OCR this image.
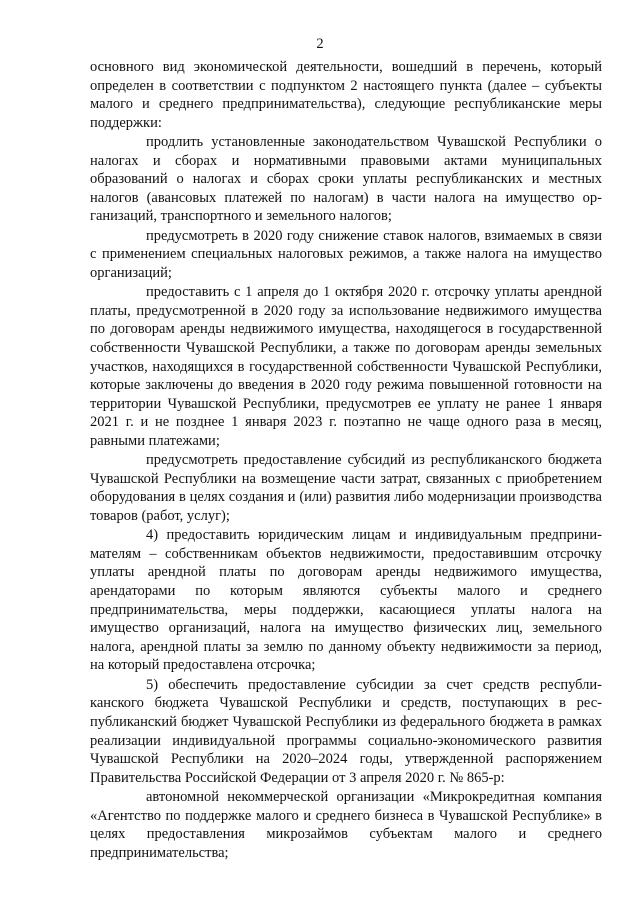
2

основного вид экономической деятельности, вошедший в перечень, который определен в соответствии с подпунктом 2 настоящего пункта (далее – субъекты малого и среднего предпринимательства), следующие республиканские меры поддержки:

продлить установленные законодательством Чувашской Республики о налогах и сборах и нормативными правовыми актами муниципальных образований о налогах и сборах сроки уплаты республиканских и местных налогов (авансовых платежей по налогам) в части налога на имущество организаций, транспортного и земельного налогов;

предусмотреть в 2020 году снижение ставок налогов, взимаемых в связи с применением специальных налоговых режимов, а также налога на имущество организаций;

предоставить с 1 апреля до 1 октября 2020 г. отсрочку уплаты арендной платы, предусмотренной в 2020 году за использование недвижимого имущества по договорам аренды недвижимого имущества, находящегося в государственной собственности Чувашской Республики, а также по договорам аренды земельных участков, находящихся в государственной собственности Чувашской Республики, которые заключены до введения в 2020 году режима повышенной готовности на территории Чувашской Республики, предусмотрев ее уплату не ранее 1 января 2021 г. и не позднее 1 января 2023 г. поэтапно не чаще одного раза в месяц, равными платежами;

предусмотреть предоставление субсидий из республиканского бюджета Чувашской Республики на возмещение части затрат, связанных с приобретением оборудования в целях создания и (или) развития либо модернизации производства товаров (работ, услуг);

4) предоставить юридическим лицам и индивидуальным предпринимателям – собственникам объектов недвижимости, предоставившим отсрочку уплаты арендной платы по договорам аренды недвижимого имущества, арендаторами по которым являются субъекты малого и среднего предпринимательства, меры поддержки, касающиеся уплаты налога на имущество организаций, налога на имущество физических лиц, земельного налога, арендной платы за землю по данному объекту недвижимости за период, на который предоставлена отсрочка;

5) обеспечить предоставление субсидии за счет средств республиканского бюджета Чувашской Республики и средств, поступающих в республиканский бюджет Чувашской Республики из федерального бюджета в рамках реализации индивидуальной программы социально-экономического развития Чувашской Республики на 2020–2024 годы, утвержденной распоряжением Правительства Российской Федерации от 3 апреля 2020 г. № 865-р:

автономной некоммерческой организации «Микрокредитная компания «Агентство по поддержке малого и среднего бизнеса в Чувашской Республике» в целях предоставления микрозаймов субъектам малого и среднего предпринимательства;
